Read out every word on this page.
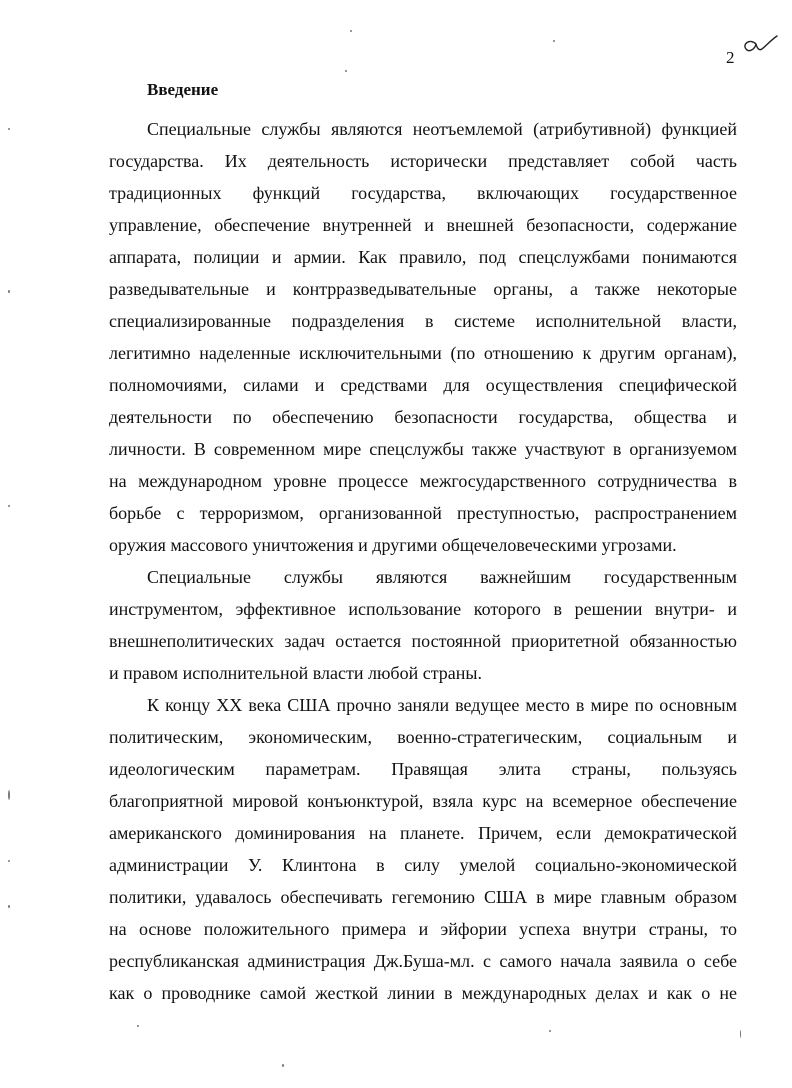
2
Введение
Специальные службы являются неотъемлемой (атрибутивной) функцией
государства. Их деятельность исторически представляет собой часть
традиционных функций государства, включающих государственное
управление, обеспечение внутренней и внешней безопасности, содержание
аппарата, полиции и армии. Как правило, под спецслужбами понимаются
разведывательные и контрразведывательные органы, а также некоторые
специализированные подразделения в системе исполнительной власти,
легитимно наделенные исключительными (по отношению к другим органам),
полномочиями, силами и средствами для осуществления специфической
деятельности по обеспечению безопасности государства, общества и
личности. В современном мире спецслужбы также участвуют в организуемом
на международном уровне процессе межгосударственного сотрудничества в
борьбе с терроризмом, организованной преступностью, распространением
оружия массового уничтожения и другими общечеловеческими угрозами.
Специальные службы являются важнейшим государственным
инструментом, эффективное использование которого в решении внутри- и
внешнеполитических задач остается постоянной приоритетной обязанностью
и правом исполнительной власти любой страны.
К концу XX века США прочно заняли ведущее место в мире по основным
политическим, экономическим, военно-стратегическим, социальным и
идеологическим параметрам. Правящая элита страны, пользуясь
благоприятной мировой конъюнктурой, взяла курс на всемерное обеспечение
американского доминирования на планете. Причем, если демократической
администрации У. Клинтона в силу умелой социально-экономической
политики, удавалось обеспечивать гегемонию США в мире главным образом
на основе положительного примера и эйфории успеха внутри страны, то
республиканская администрация Дж.Буша-мл. с самого начала заявила о себе
как о проводнике самой жесткой линии в международных делах и как о не
